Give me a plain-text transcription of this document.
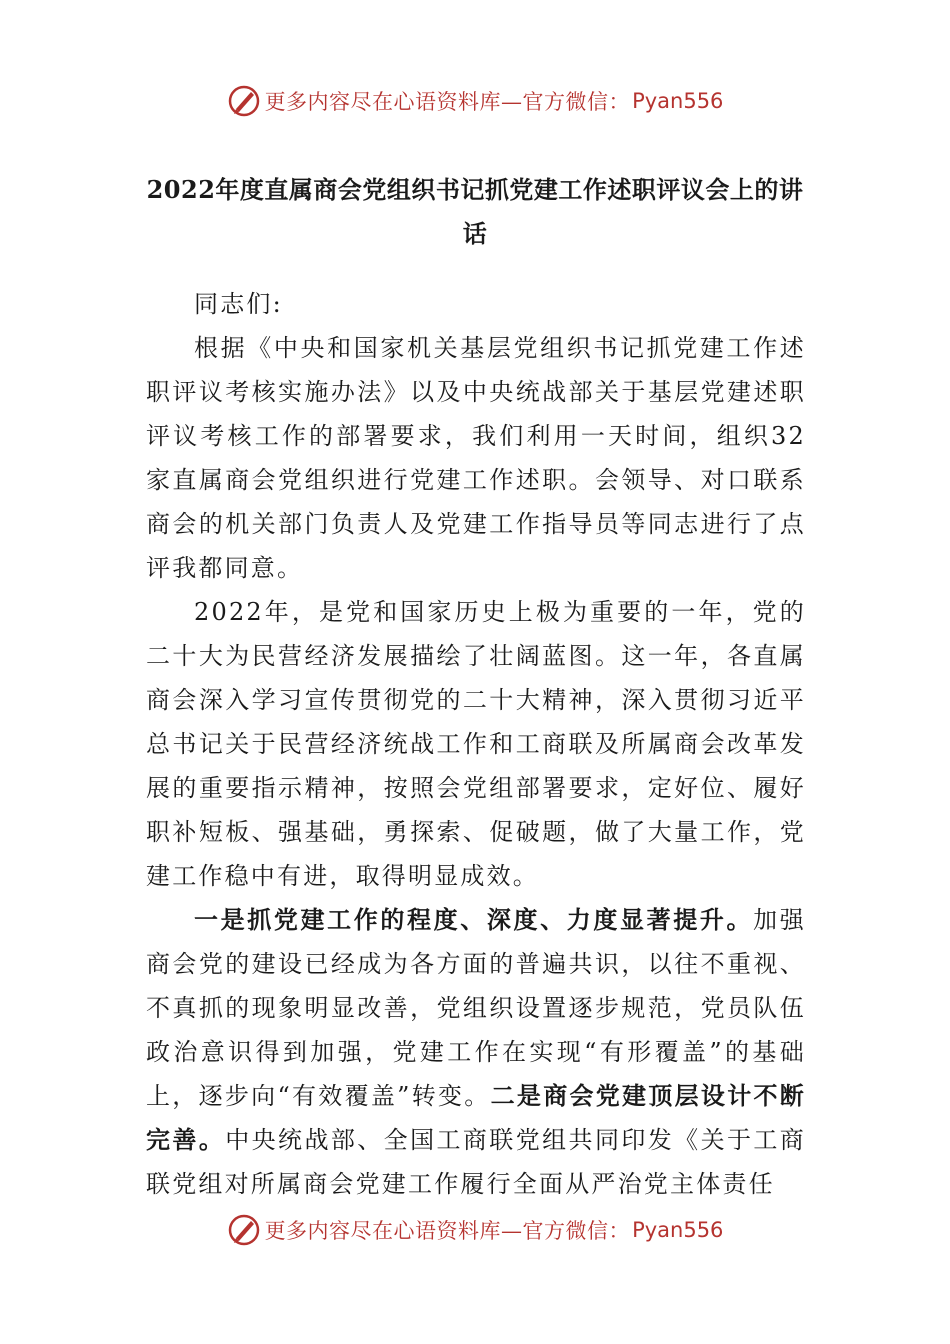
更多内容尽在心语资料库—官方微信： Pyan556
2022年度直属商会党组织书记抓党建工作述职评议会上的讲话

同志们:

根据《中央和国家机关基层党组织书记抓党建工作述职评议考核实施办法》以及中央统战部关于基层党建述职评议考核工作的部署要求，我们利用一天时间，组织32家直属商会党组织进行党建工作述职。会领导、对口联系商会的机关部门负责人及党建工作指导员等同志进行了点评我都同意。

2022年，是党和国家历史上极为重要的一年，党的二十大为民营经济发展描绘了壮阔蓝图。这一年，各直属商会深入学习宣传贯彻党的二十大精神，深入贯彻习近平总书记关于民营经济统战工作和工商联及所属商会改革发展的重要指示精神，按照会党组部署要求，定好位、履好职补短板、强基础，勇探索、促破题，做了大量工作，党建工作稳中有进，取得明显成效。

一是抓党建工作的程度、深度、力度显著提升。加强商会党的建设已经成为各方面的普遍共识，以往不重视、不真抓的现象明显改善，党组织设置逐步规范，党员队伍政治意识得到加强，党建工作在实现“有形覆盖”的基础上，逐步向“有效覆盖”转变。二是商会党建顶层设计不断完善。中央统战部、全国工商联党组共同印发《关于工商联党组对所属商会党建工作履行全面从严治党主体责任

更多内容尽在心语资料库—官方微信： Pyan556
